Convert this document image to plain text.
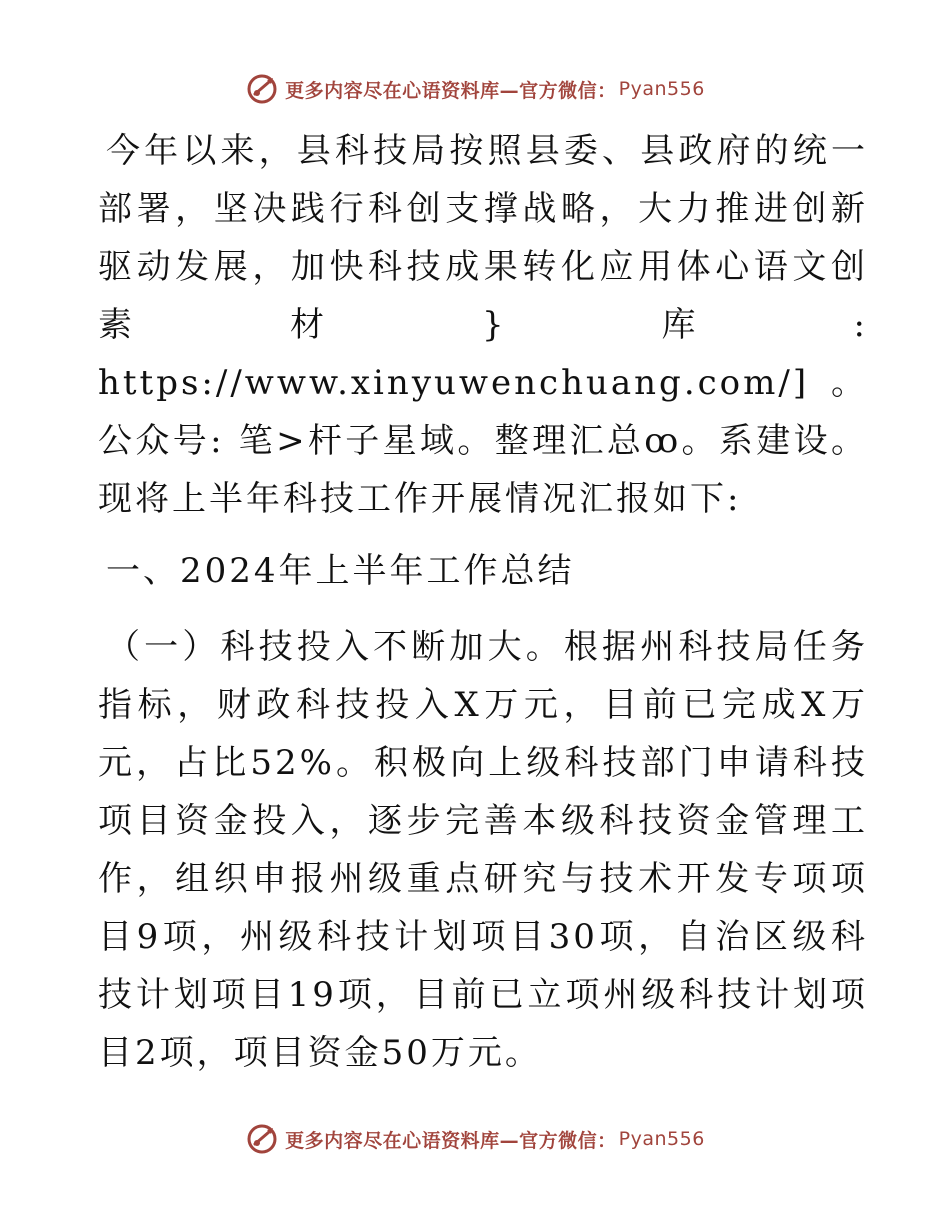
更多内容尽在心语资料库—官方微信： Pyan556

今年以来，县科技局按照县委、县政府的统一部署，坚决践行科创支撑战略，大力推进创新驱动发展，加快科技成果转化应用体心语文创素材}库: https://www.xinyuwenchuang.com/]。公众号: 笔>杆子星域。整理汇总ꝏ。系建设。现将上半年科技工作开展情况汇报如下:

一、2024年上半年工作总结

（一）科技投入不断加大。根据州科技局任务指标，财政科技投入X万元，目前已完成X万元，占比52%。积极向上级科技部门申请科技项目资金投入，逐步完善本级科技资金管理工作，组织申报州级重点研究与技术开发专项项目9项，州级科技计划项目30项，自治区级科技计划项目19项，目前已立项州级科技计划项目2项，项目资金50万元。

更多内容尽在心语资料库—官方微信： Pyan556
